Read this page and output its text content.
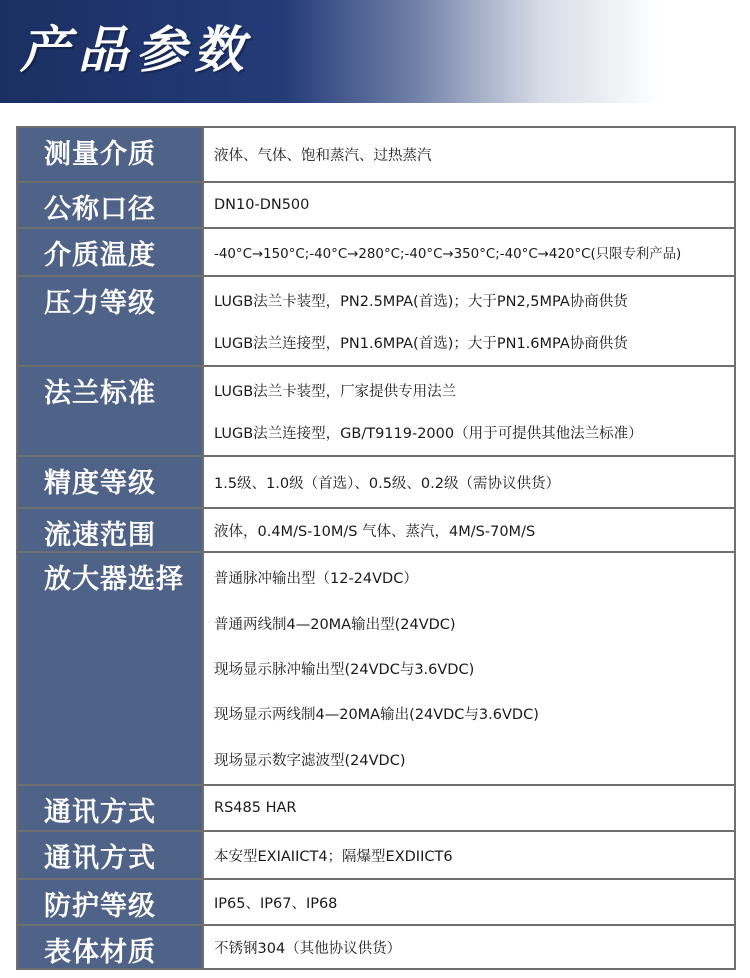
产品参数
测量介质	液体、气体、饱和蒸汽、过热蒸汽
公称口径	DN10-DN500
介质温度	-40°C→150°C;-40°C→280°C;-40°C→350°C;-40°C→420°C(只限专利产品)
压力等级	LUGB法兰卡装型，PN2.5MPA(首选)；大于PN2,5MPA协商供货
LUGB法兰连接型，PN1.6MPA(首选)；大于PN1.6MPA协商供货
法兰标准	LUGB法兰卡装型，厂家提供专用法兰
LUGB法兰连接型，GB/T9119-2000（用于可提供其他法兰标准）
精度等级	1.5级、1.0级（首选）、0.5级、0.2级（需协议供货）
流速范围	液体，0.4M/S-10M/S 气体、蒸汽，4M/S-70M/S
放大器选择	普通脉冲输出型（12-24VDC）
普通两线制4—20MA输出型(24VDC)
现场显示脉冲输出型(24VDC与3.6VDC)
现场显示两线制4—20MA输出(24VDC与3.6VDC)
现场显示数字滤波型(24VDC)
通讯方式	RS485 HAR
通讯方式	本安型EXIAIICT4；隔爆型EXDIICT6
防护等级	IP65、IP67、IP68
表体材质	不锈钢304（其他协议供货）
